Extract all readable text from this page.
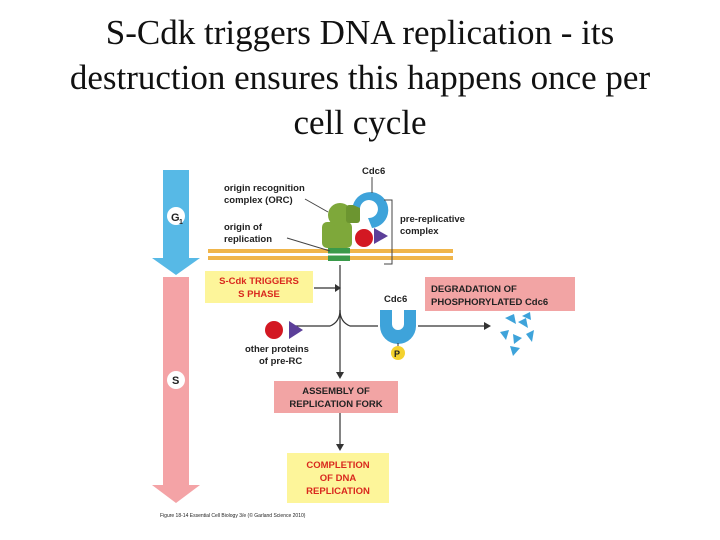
S-Cdk triggers DNA replication - its
destruction ensures this happens once per
cell cycle
G 1
S
Cdc6
origin recognition
complex (ORC)
origin of
replication
pre-replicative
complex
S-Cdk TRIGGERS
S PHASE	DEGRADATION OF
PHOSPHORYLATED Cdc6
other proteins
of pre-RC
Cdc6
P
ASSEMBLY OF
REPLICATION FORK
COMPLETION
OF DNA
REPLICATION
Figure 18-14 Essential Cell Biology 3/e (© Garland Science 2010)
